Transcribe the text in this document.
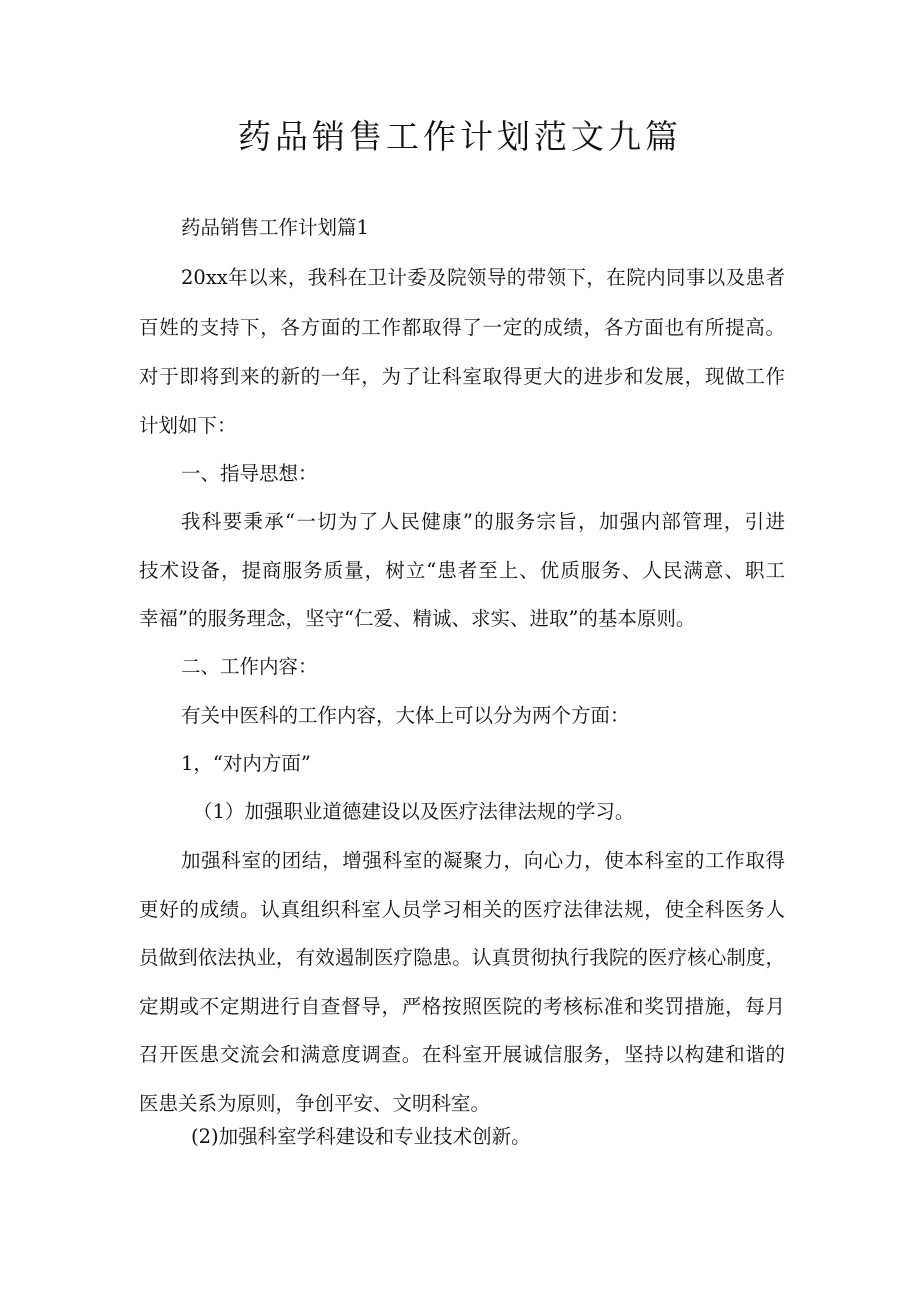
药品销售工作计划范文九篇

药品销售工作计划篇1

20xx年以来，我科在卫计委及院领导的带领下，在院内同事以及患者

百姓的支持下，各方面的工作都取得了一定的成绩，各方面也有所提高。

对于即将到来的新的一年，为了让科室取得更大的进步和发展，现做工作

计划如下：

一、指导思想：

我科要秉承“一切为了人民健康”的服务宗旨，加强内部管理，引进

技术设备，提商服务质量，树立“患者至上、优质服务、人民满意、职工

幸福”的服务理念，坚守“仁爱、精诚、求实、进取”的基本原则。

二、工作内容：

有关中医科的工作内容，大体上可以分为两个方面：

1，“对内方面”

（1）加强职业道德建设以及医疗法律法规的学习。

加强科室的团结，增强科室的凝聚力，向心力，使本科室的工作取得

更好的成绩。认真组织科室人员学习相关的医疗法律法规，使全科医务人

员做到依法执业，有效遏制医疗隐患。认真贯彻执行我院的医疗核心制度，

定期或不定期进行自查督导，严格按照医院的考核标准和奖罚措施，每月

召开医患交流会和满意度调查。在科室开展诚信服务，坚持以构建和谐的

医患关系为原则，争创平安、文明科室。

(2)加强科室学科建设和专业技术创新。
